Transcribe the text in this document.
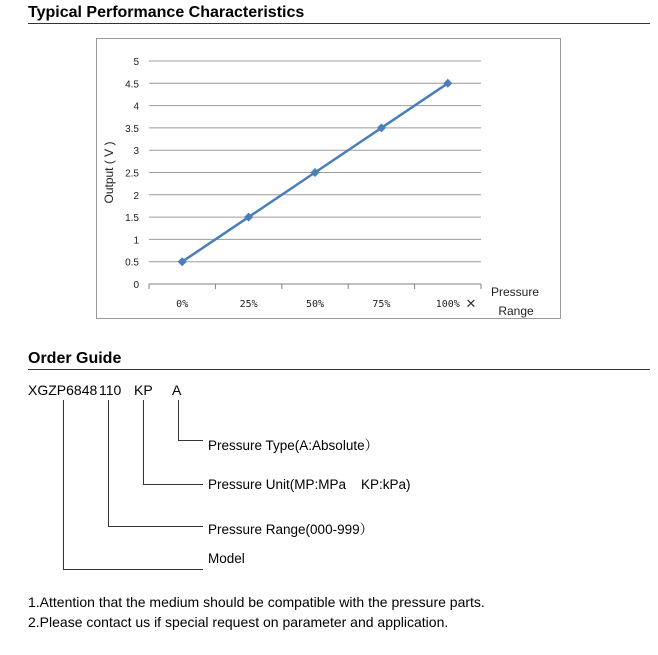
Typical Performance Characteristics
0
0.5
1
1.5
2
2.5
3
3.5
4
4.5
5
0%	25%	50%	75%	100% ✕
Output ( V )
Pressure
Range
Order Guide
XGZP6848 110 KP A
Pressure Type(A:Absolute）
Pressure Unit(MP:MPa    KP:kPa)
Pressure Range(000-999）
Model
1.Attention that the medium should be compatible with the pressure parts.
2.Please contact us if special request on parameter and application.
